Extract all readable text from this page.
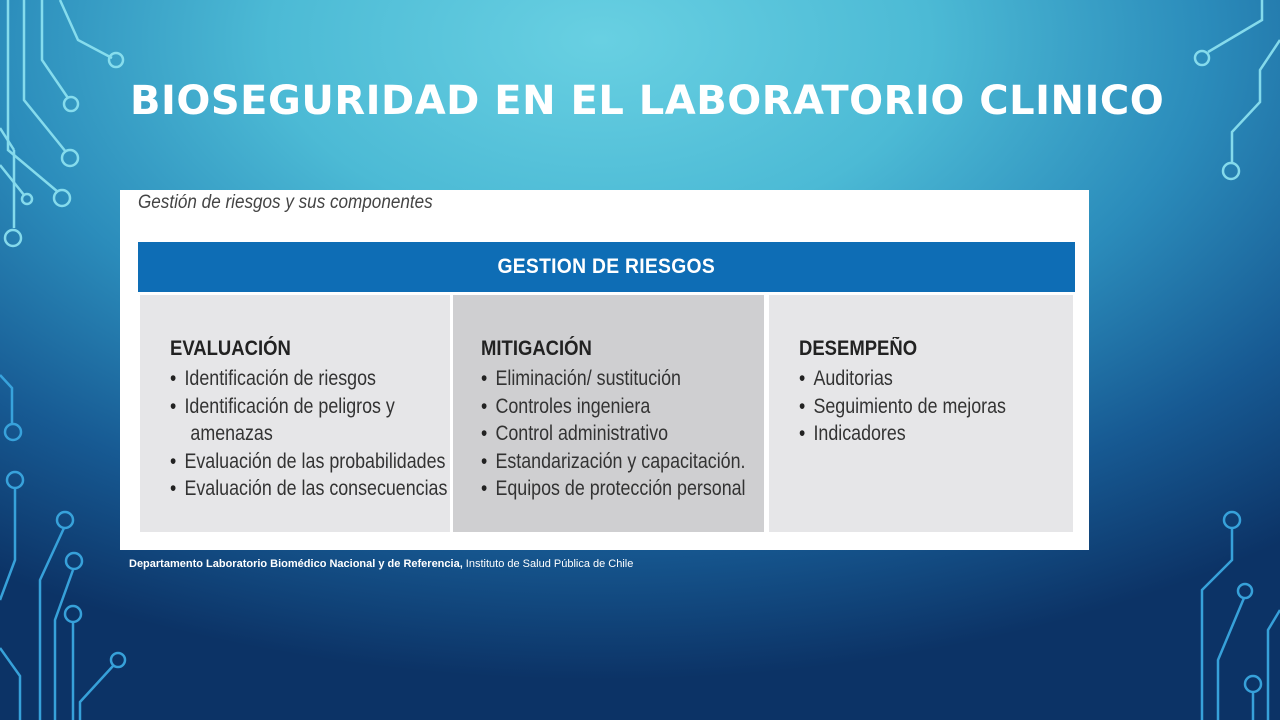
BIOSEGURIDAD EN EL LABORATORIO CLINICO

Gestión de riesgos y sus componentes

GESTION DE RIESGOS

EVALUACIÓN

• Identificación de riesgos
• Identificación de peligros y
amenazas
• Evaluación de las probabilidades
• Evaluación de las consecuencias

MITIGACIÓN

• Eliminación/ sustitución
• Controles ingeniera
• Control administrativo
• Estandarización y capacitación.
• Equipos de protección personal

DESEMPEÑO

• Auditorias
• Seguimiento de mejoras
• Indicadores

Departamento Laboratorio Biomédico Nacional y de Referencia, Instituto de Salud Pública de Chile
